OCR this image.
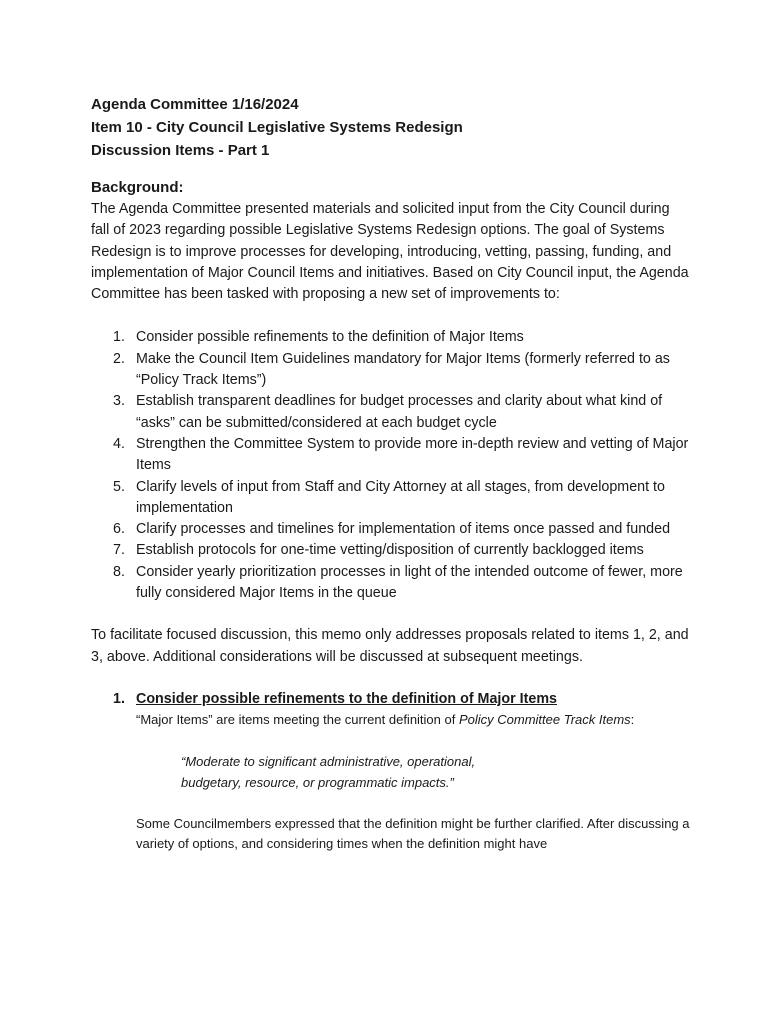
Agenda Committee 1/16/2024

Item 10 - City Council Legislative Systems Redesign

Discussion Items - Part 1

Background:

The Agenda Committee presented materials and solicited input from the City Council during fall of 2023 regarding possible Legislative Systems Redesign options. The goal of Systems Redesign is to improve processes for developing, introducing, vetting, passing, funding, and implementation of Major Council Items and initiatives. Based on City Council input, the Agenda Committee has been tasked with proposing a new set of improvements to:

1. Consider possible refinements to the definition of Major Items
2. Make the Council Item Guidelines mandatory for Major Items (formerly referred to as “Policy Track Items”)
3. Establish transparent deadlines for budget processes and clarity about what kind of “asks” can be submitted/considered at each budget cycle
4. Strengthen the Committee System to provide more in-depth review and vetting of Major Items
5. Clarify levels of input from Staff and City Attorney at all stages, from development to implementation
6. Clarify processes and timelines for implementation of items once passed and funded
7. Establish protocols for one-time vetting/disposition of currently backlogged items
8. Consider yearly prioritization processes in light of the intended outcome of fewer, more fully considered Major Items in the queue

To facilitate focused discussion, this memo only addresses proposals related to items 1, 2, and 3, above. Additional considerations will be discussed at subsequent meetings.

1. Consider possible refinements to the definition of Major Items

“Major Items” are items meeting the current definition of Policy Committee Track Items:

“Moderate to significant administrative, operational,
budgetary, resource, or programmatic impacts.”

Some Councilmembers expressed that the definition might be further clarified. After discussing a variety of options, and considering times when the definition might have
